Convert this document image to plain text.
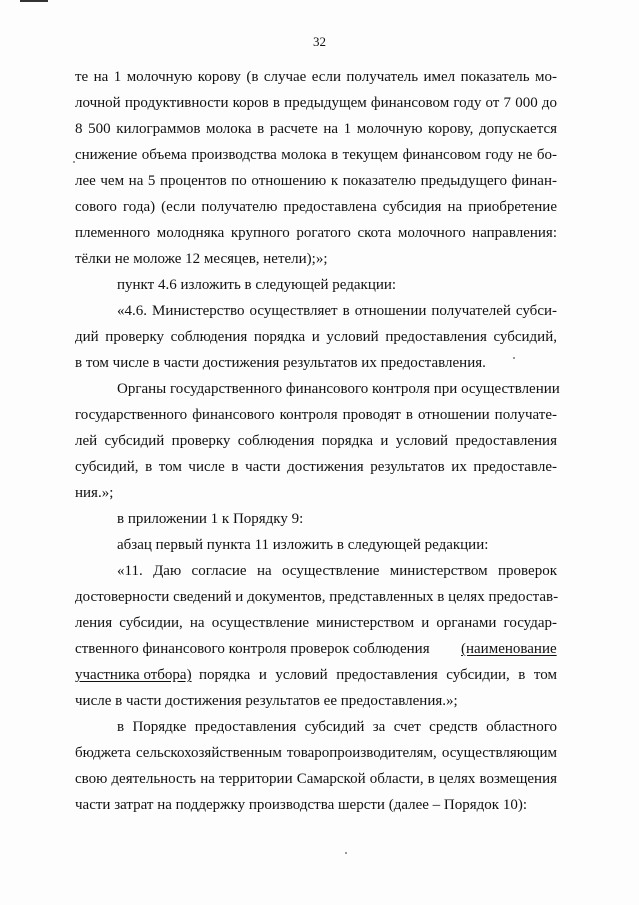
32
те на 1 молочную корову (в случае если получатель имел показатель мо-
лочной продуктивности коров в предыдущем финансовом году от 7 000 до
8 500 килограммов молока в расчете на 1 молочную корову, допускается
снижение объема производства молока в текущем финансовом году не бо-
лее чем на 5 процентов по отношению к показателю предыдущего финан-
сового года) (если получателю предоставлена субсидия на приобретение
племенного молодняка крупного рогатого скота молочного направления:
тёлки не моложе 12 месяцев, нетели);»;
пункт 4.6 изложить в следующей редакции:
«4.6. Министерство осуществляет в отношении получателей субси-
дий проверку соблюдения порядка и условий предоставления субсидий,
в том числе в части достижения результатов их предоставления.
Органы государственного финансового контроля при осуществлении
государственного финансового контроля проводят в отношении получате-
лей субсидий проверку соблюдения порядка и условий предоставления
субсидий, в том числе в части достижения результатов их предоставле-
ния.»;
в приложении 1 к Порядку 9:
абзац первый пункта 11 изложить в следующей редакции:
«11. Даю согласие на осуществление министерством проверок
достоверности сведений и документов, представленных в целях предостав-
ления субсидии, на осуществление министерством и органами государ-
ственного финансового контроля проверок соблюдения (наименование
участника отбора) порядка и условий предоставления субсидии, в том
числе в части достижения результатов ее предоставления.»;
в Порядке предоставления субсидий за счет средств областного
бюджета сельскохозяйственным товаропроизводителям, осуществляющим
свою деятельность на территории Самарской области, в целях возмещения
части затрат на поддержку производства шерсти (далее – Порядок 10):
